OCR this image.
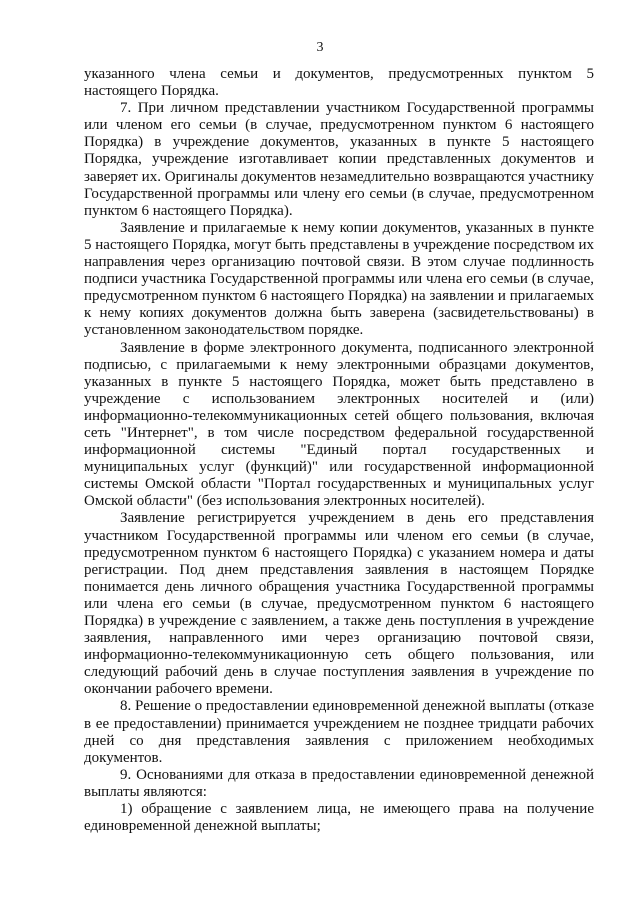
3

указанного члена семьи и документов, предусмотренных пунктом 5 настоящего Порядка.

7. При личном представлении участником Государственной программы или членом его семьи (в случае, предусмотренном пунктом 6 настоящего Порядка) в учреждение документов, указанных в пункте 5 настоящего Порядка, учреждение изготавливает копии представленных документов и заверяет их. Оригиналы документов незамедлительно возвращаются участнику Государственной программы или члену его семьи (в случае, предусмотренном пунктом 6 настоящего Порядка).

Заявление и прилагаемые к нему копии документов, указанных в пункте 5 настоящего Порядка, могут быть представлены в учреждение посредством их направления через организацию почтовой связи. В этом случае подлинность подписи участника Государственной программы или члена его семьи (в случае, предусмотренном пунктом 6 настоящего Порядка) на заявлении и прилагаемых к нему копиях документов должна быть заверена (засвидетельствованы) в установленном законодательством порядке.

Заявление в форме электронного документа, подписанного электронной подписью, с прилагаемыми к нему электронными образцами документов, указанных в пункте 5 настоящего Порядка, может быть представлено в учреждение с использованием электронных носителей и (или) информационно-телекоммуникационных сетей общего пользования, включая сеть "Интернет", в том числе посредством федеральной государственной информационной системы "Единый портал государственных и муниципальных услуг (функций)" или государственной информационной системы Омской области "Портал государственных и муниципальных услуг Омской области" (без использования электронных носителей).

Заявление регистрируется учреждением в день его представления участником Государственной программы или членом его семьи (в случае, предусмотренном пунктом 6 настоящего Порядка) с указанием номера и даты регистрации. Под днем представления заявления в настоящем Порядке понимается день личного обращения участника Государственной программы или члена его семьи (в случае, предусмотренном пунктом 6 настоящего Порядка) в учреждение с заявлением, а также день поступления в учреждение заявления, направленного ими через организацию почтовой связи, информационно-телекоммуникационную сеть общего пользования, или следующий рабочий день в случае поступления заявления в учреждение по окончании рабочего времени.

8. Решение о предоставлении единовременной денежной выплаты (отказе в ее предоставлении) принимается учреждением не позднее тридцати рабочих дней со дня представления заявления с приложением необходимых документов.

9. Основаниями для отказа в предоставлении единовременной денежной выплаты являются:

1) обращение с заявлением лица, не имеющего права на получение единовременной денежной выплаты;
